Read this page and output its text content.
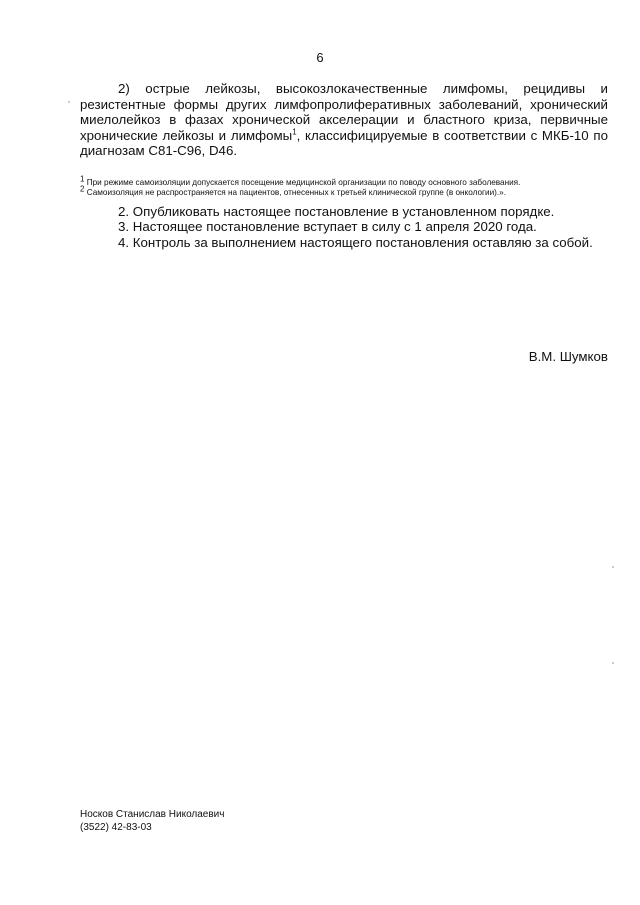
6

2) острые лейкозы, высокозлокачественные лимфомы, рецидивы и резистентные формы других лимфопролиферативных заболеваний, хронический миелолейкоз в фазах хронической акселерации и бластного криза, первичные хронические лейкозы и лимфомы$^1$, классифицируемые в соответствии с МКБ-10 по диагнозам С81-С96, D46.

$^1$ При режиме самоизоляции допускается посещение медицинской организации по поводу основного заболевания.

$^2$ Самоизоляция не распространяется на пациентов, отнесенных к третьей клинической группе (в онкологии).».

2. Опубликовать настоящее постановление в установленном порядке.

3. Настоящее постановление вступает в силу с 1 апреля 2020 года.

4. Контроль за выполнением настоящего постановления оставляю за собой.

В.М. Шумков
Носков Станислав Николаевич
(3522) 42-83-03
